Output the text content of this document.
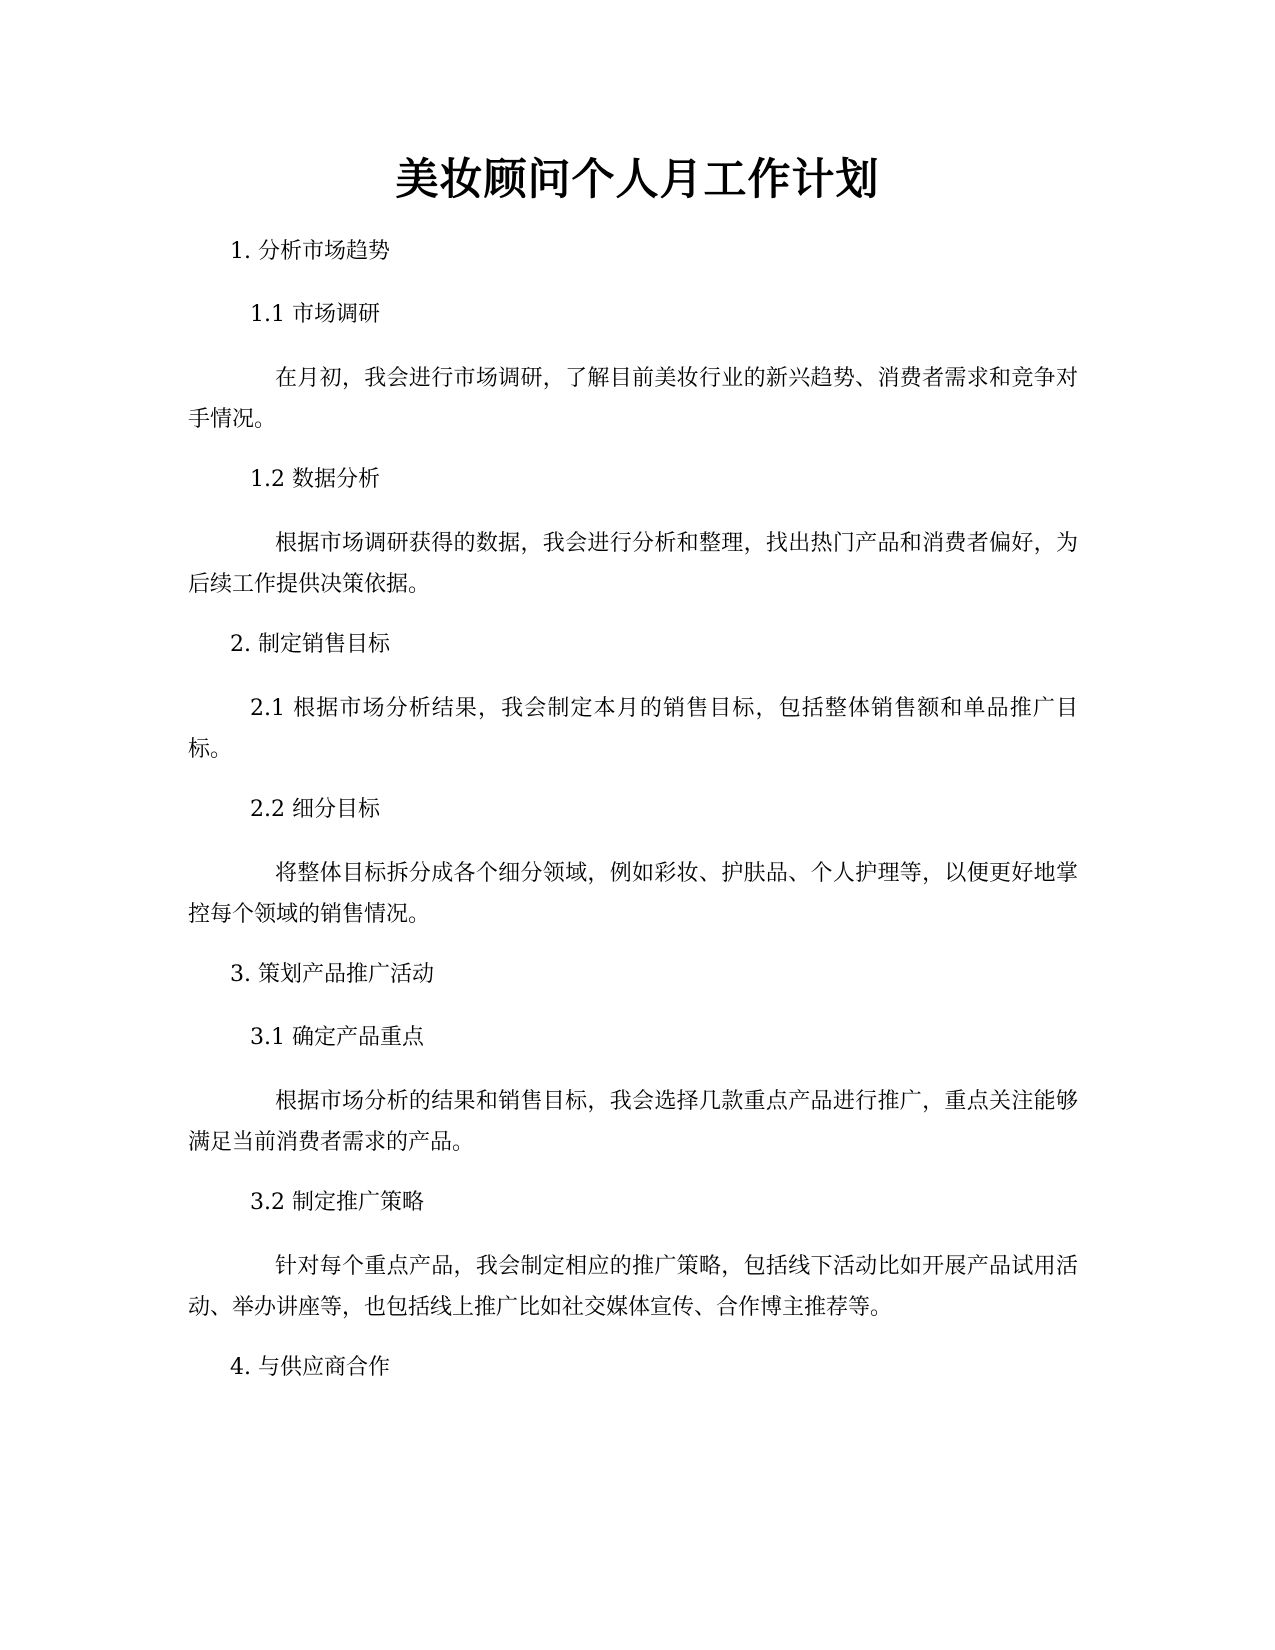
美妆顾问个人月工作计划
1. 分析市场趋势
1.1 市场调研
在月初，我会进行市场调研，了解目前美妆行业的新兴趋势、消费者需求和竞争对手情况。
1.2 数据分析
根据市场调研获得的数据，我会进行分析和整理，找出热门产品和消费者偏好，为后续工作提供决策依据。
2. 制定销售目标
2.1 根据市场分析结果，我会制定本月的销售目标，包括整体销售额和单品推广目标。
2.2 细分目标
将整体目标拆分成各个细分领域，例如彩妆、护肤品、个人护理等，以便更好地掌控每个领域的销售情况。
3. 策划产品推广活动
3.1 确定产品重点
根据市场分析的结果和销售目标，我会选择几款重点产品进行推广，重点关注能够满足当前消费者需求的产品。
3.2 制定推广策略
针对每个重点产品，我会制定相应的推广策略，包括线下活动比如开展产品试用活动、举办讲座等，也包括线上推广比如社交媒体宣传、合作博主推荐等。
4. 与供应商合作
